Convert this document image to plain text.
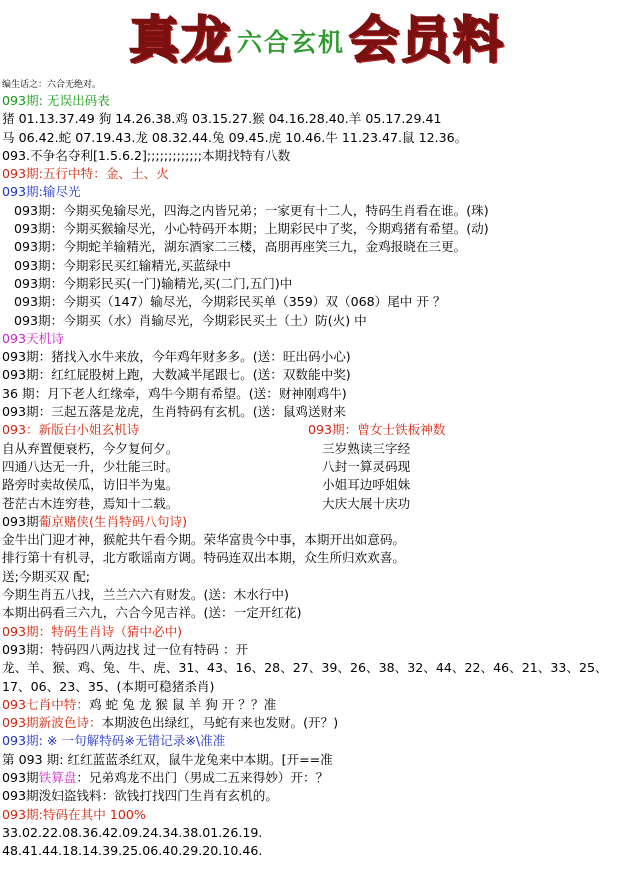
真龙 六合玄机 会员料
编生话之：六合无绝对。
093期: 无误出码表
猪 01.13.37.49 狗 14.26.38.鸡 03.15.27.猴 04.16.28.40.羊 05.17.29.41
马 06.42.蛇 07.19.43.龙 08.32.44.兔 09.45.虎 10.46.牛 11.23.47.鼠 12.36。
093.不争名夺利[1.5.6.2];;;;;;;;;;;;;本期找特有八数
093期:五行中特：金、土、火
093期:输尽光
093期：今期买兔输尽光，四海之内皆兄弟；一家更有十二人，特码生肖看在谁。(珠)
093期：今期买猴输尽光，小心特码开本期；上期彩民中了奖，今期鸡猪有希望。(动)
093期：今期蛇羊输精光，湖东酒家二三楼，高朋再座笑三九，金鸡报晓在三更。
093期：今期彩民买红输精光,买蓝绿中
093期：今期彩民买(一门)输精光,买(二门,五门)中
093期：今期买（147）输尽光，今期彩民买单（359）双（068）尾中 开 ？
093期：今期买（水）肖输尽光，今期彩民买土（土）防(火) 中
093天机诗
093期：猪找入水牛来放，今年鸡年财多多。(送：旺出码小心)
093期：红红屁股树上跑，大数减半尾跟七。(送：双数能中奖)
36 期：月下老人红缘牵，鸡牛今期有希望。(送：财神刚鸡牛)
093期：三起五落是龙虎，生肖特码有玄机。(送：鼠鸡送财来
093：新版白小姐玄机诗	093期：曾女士铁板神数
自从弃置便衰朽，今夕复何夕。	三岁熟读三字经
四通八达无一升，少壮能三时。	八封一算灵码现
路旁时卖故侯瓜，访旧半为鬼。	小姐耳边呼姐妹
苍茫古木连穷巷，焉知十二载。	大庆大展十庆功
093期葡京赌侠(生肖特码八句诗)
金牛出门迎才神，猴舵共午看今期。荣华富贵今中事，本期开出如意码。
排行第十有机寻，北方歌谣南方调。特码连双出本期，众生所归欢欢喜。
送;今期买双 配;
今期生肖五八找，兰兰六六有财发。(送：木水行中)
本期出码看三六九，六合今见吉祥。(送：一定开红花)
093期：特码生肖诗（猜中必中)
093期：特码四八两边找 过一位有特码 ：开
龙、羊、猴、鸡、兔、牛、虎、31、43、16、28、27、39、26、38、32、44、22、46、21、33、25、
17、06、23、35、(本期可稳猪杀肖)
093七肖中特：鸡 蛇 兔 龙 猴 鼠 羊 狗 开 ？？准
093期新波色诗：本期波色出绿红，马蛇有来也发财。(开？)
093期: ※ 一句解特码※无错记录※\准准
第 093 期: 红红蓝蓝杀红双，鼠牛龙兔来中本期。[开==准
093期铁算盘：兄弟鸡龙不出门（男成二五来得妙）开：？
093期泼妇盗钱料：欲钱打找四门生肖有玄机的。
093期:特码在其中 100%
33.02.22.08.36.42.09.24.34.38.01.26.19.
48.41.44.18.14.39.25.06.40.29.20.10.46.
